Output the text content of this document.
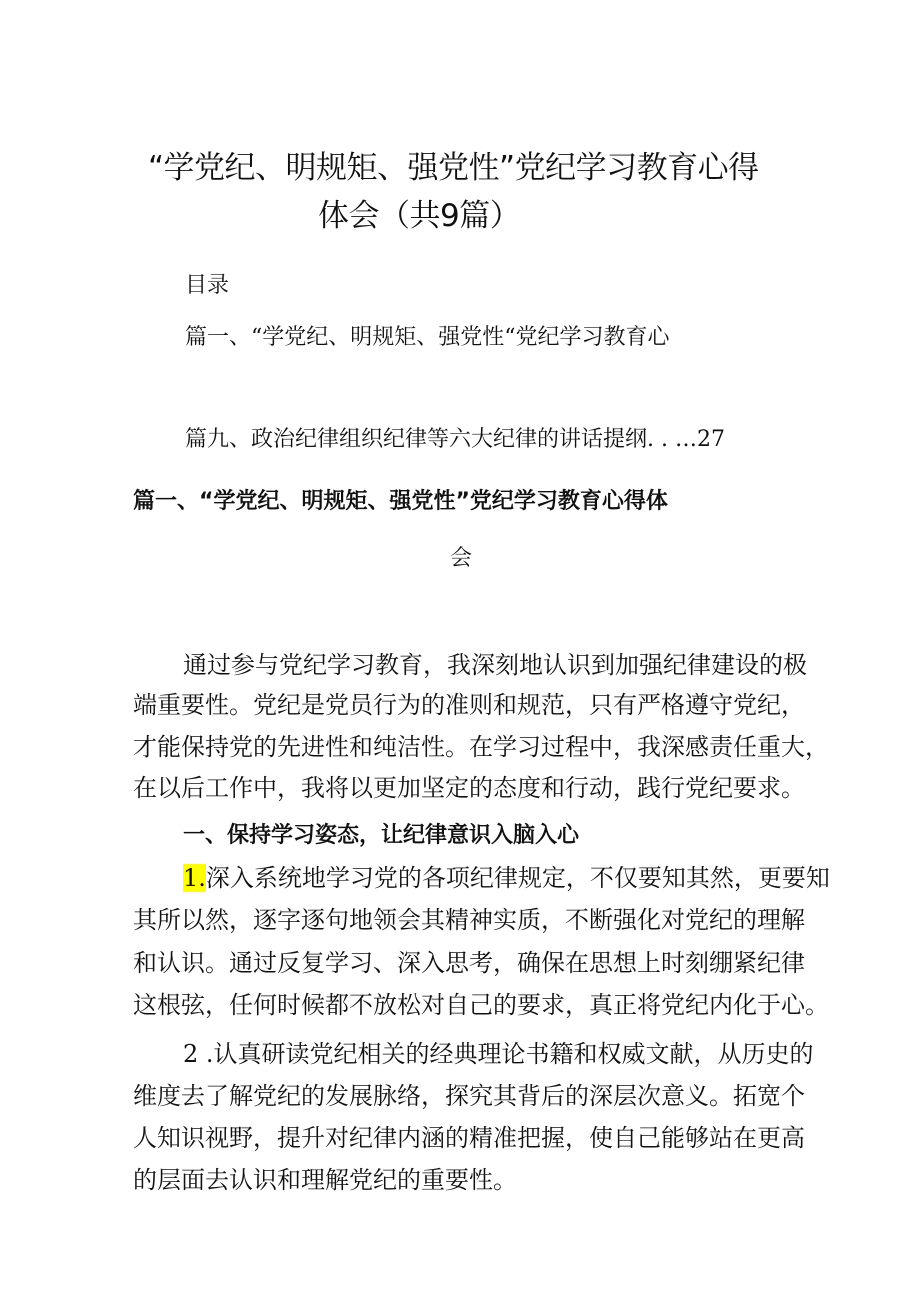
“学党纪、明规矩、强党性”党纪学习教育心得

体会（共9篇）

目录

篇一、“学党纪、明规矩、强党性“党纪学习教育心

篇九、政治纪律组织纪律等六大纪律的讲话提纲. . …27

篇一、“学党纪、明规矩、强党性”党纪学习教育心得体

会

通过参与党纪学习教育，我深刻地认识到加强纪律建设的极

端重要性。党纪是党员行为的准则和规范，只有严格遵守党纪，

才能保持党的先进性和纯洁性。在学习过程中，我深感责任重大，

在以后工作中，我将以更加坚定的态度和行动，践行党纪要求。

一、保持学习姿态，让纪律意识入脑入心

1.深入系统地学习党的各项纪律规定，不仅要知其然，更要知

其所以然，逐字逐句地领会其精神实质，不断强化对党纪的理解

和认识。通过反复学习、深入思考，确保在思想上时刻绷紧纪律

这根弦，任何时候都不放松对自己的要求，真正将党纪内化于心。

2 .认真研读党纪相关的经典理论书籍和权威文献，从历史的

维度去了解党纪的发展脉络，探究其背后的深层次意义。拓宽个

人知识视野，提升对纪律内涵的精准把握，使自己能够站在更高

的层面去认识和理解党纪的重要性。
